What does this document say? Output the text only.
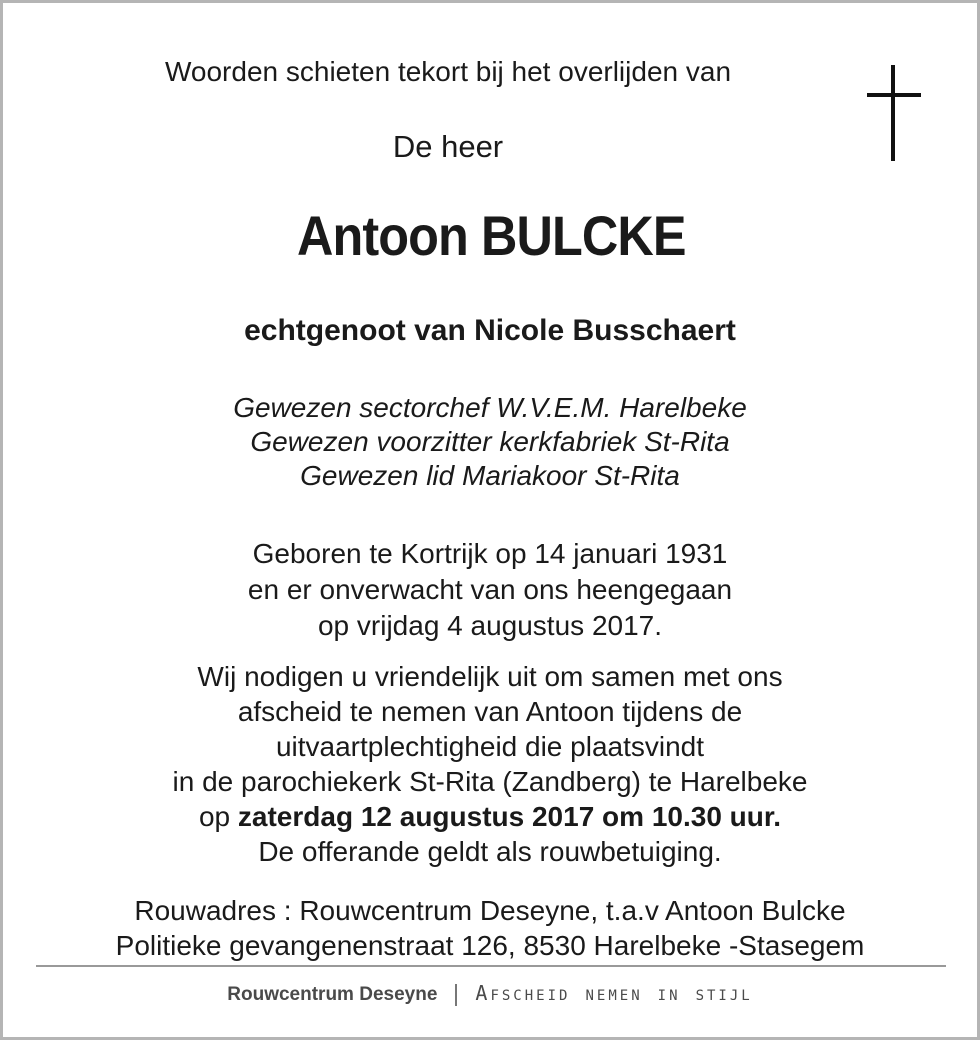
Woorden schieten tekort bij het overlijden van
De heer
Antoon BULCKE
echtgenoot van Nicole Busschaert
Gewezen sectorchef W.V.E.M. Harelbeke
Gewezen voorzitter kerkfabriek St-Rita
Gewezen lid Mariakoor St-Rita
Geboren te Kortrijk op 14 januari 1931
en er onverwacht van ons heengegaan
op vrijdag 4 augustus 2017.
Wij nodigen u vriendelijk uit om samen met ons
afscheid te nemen van Antoon tijdens de
uitvaartplechtigheid die plaatsvindt
in de parochiekerk St-Rita (Zandberg) te Harelbeke
op zaterdag 12 augustus 2017 om 10.30 uur.
De offerande geldt als rouwbetuiging.
Rouwadres : Rouwcentrum Deseyne, t.a.v Antoon Bulcke
Politieke gevangenenstraat 126, 8530 Harelbeke -Stasegem
Rouwcentrum Deseyne Afscheid nemen in stijl
